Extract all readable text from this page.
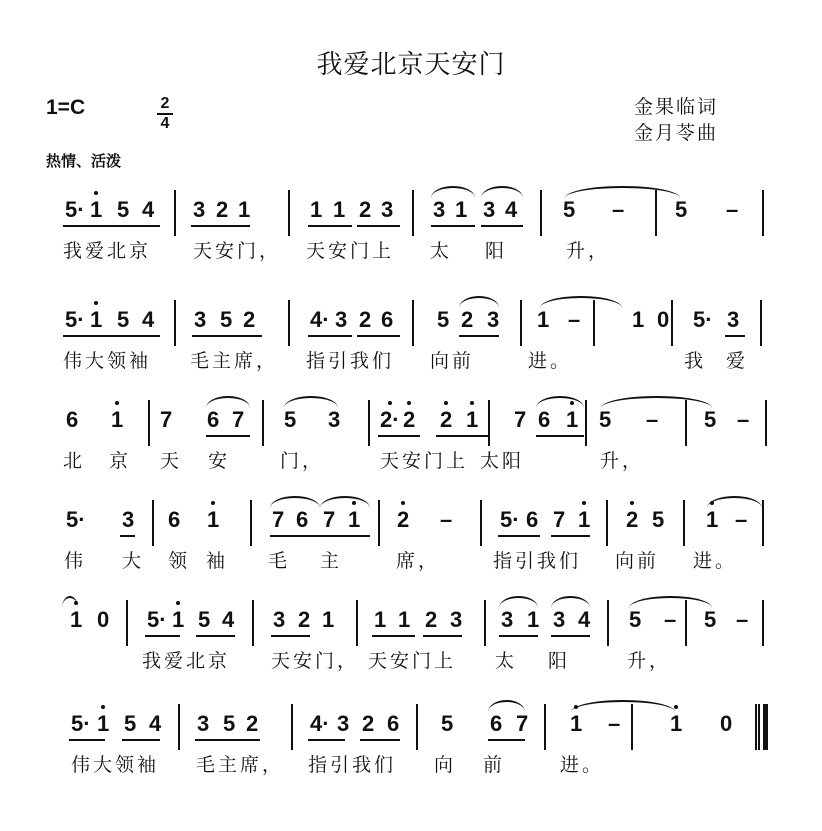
我爱北京天安门
1=C	2
4
金果临词
金月苓曲
热情、活泼
5· 1 5 4 3 2 1	1 1 2 3 3 1 3 4 5 – 5 –
我爱北京 天安门， 天安门上 太 阳	升，
5· 1 5 4 3 5 2 4· 3 2 6 5 2 3 1 – 1 0 5· 3
伟大领袖 毛主席， 指引我们 向前	进。	我 爱
6 1 7 6 7 5 3 2· 2 2 1 7 6 1 5 – 5 –
北 京 天 安	门，	天安门上 太阳	升，
5· 3 6 1 7 6 7 1 2 – 5· 6 7 1 2 5 1 –
伟 大 领 袖 毛 主	席，	指引我们 向前 进。
1 0 5· 1 5 4 3 2 1 1 1 2 3 3 1 3 4 5 – 5 –
我爱北京 天安门， 天安门上 太 阳	升，
5· 1 5 4 3 5 2 4· 3 2 6 5 6 7 1 – 1 0
伟大领袖 毛主席， 指引我们 向 前	进。
